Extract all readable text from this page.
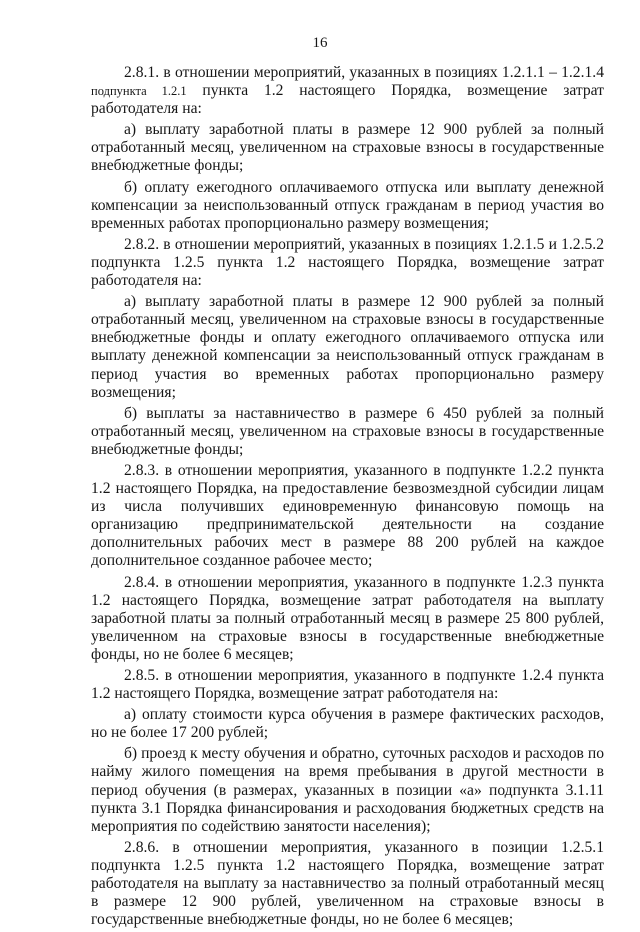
16

2.8.1. в отношении мероприятий, указанных в позициях 1.2.1.1 – 1.2.1.4 подпункта 1.2.1 пункта 1.2 настоящего Порядка, возмещение затрат работодателя на:

а) выплату заработной платы в размере 12 900 рублей за полный отработанный месяц, увеличенном на страховые взносы в государственные внебюджетные фонды;

б) оплату ежегодного оплачиваемого отпуска или выплату денежной компенсации за неиспользованный отпуск гражданам в период участия во временных работах пропорционально размеру возмещения;

2.8.2. в отношении мероприятий, указанных в позициях 1.2.1.5 и 1.2.5.2 подпункта 1.2.5 пункта 1.2 настоящего Порядка, возмещение затрат работодателя на:

а) выплату заработной платы в размере 12 900 рублей за полный отработанный месяц, увеличенном на страховые взносы в государственные внебюджетные фонды и оплату ежегодного оплачиваемого отпуска или выплату денежной компенсации за неиспользованный отпуск гражданам в период участия во временных работах пропорционально размеру возмещения;

б) выплаты за наставничество в размере 6 450 рублей за полный отработанный месяц, увеличенном на страховые взносы в государственные внебюджетные фонды;

2.8.3. в отношении мероприятия, указанного в подпункте 1.2.2 пункта 1.2 настоящего Порядка, на предоставление безвозмездной субсидии лицам из числа получивших единовременную финансовую помощь на организацию предпринимательской деятельности на создание дополнительных рабочих мест в размере 88 200 рублей на каждое дополнительное созданное рабочее место;

2.8.4. в отношении мероприятия, указанного в подпункте 1.2.3 пункта 1.2 настоящего Порядка, возмещение затрат работодателя на выплату заработной платы за полный отработанный месяц в размере 25 800 рублей, увеличенном на страховые взносы в государственные внебюджетные фонды, но не более 6 месяцев;

2.8.5. в отношении мероприятия, указанного в подпункте 1.2.4 пункта 1.2 настоящего Порядка, возмещение затрат работодателя на:

а) оплату стоимости курса обучения в размере фактических расходов, но не более 17 200 рублей;

б) проезд к месту обучения и обратно, суточных расходов и расходов по найму жилого помещения на время пребывания в другой местности в период обучения (в размерах, указанных в позиции «а» подпункта 3.1.11 пункта 3.1 Порядка финансирования и расходования бюджетных средств на мероприятия по содействию занятости населения);

2.8.6. в отношении мероприятия, указанного в позиции 1.2.5.1 подпункта 1.2.5 пункта 1.2 настоящего Порядка, возмещение затрат работодателя на выплату за наставничество за полный отработанный месяц в размере 12 900 рублей, увеличенном на страховые взносы в государственные внебюджетные фонды, но не более 6 месяцев;
